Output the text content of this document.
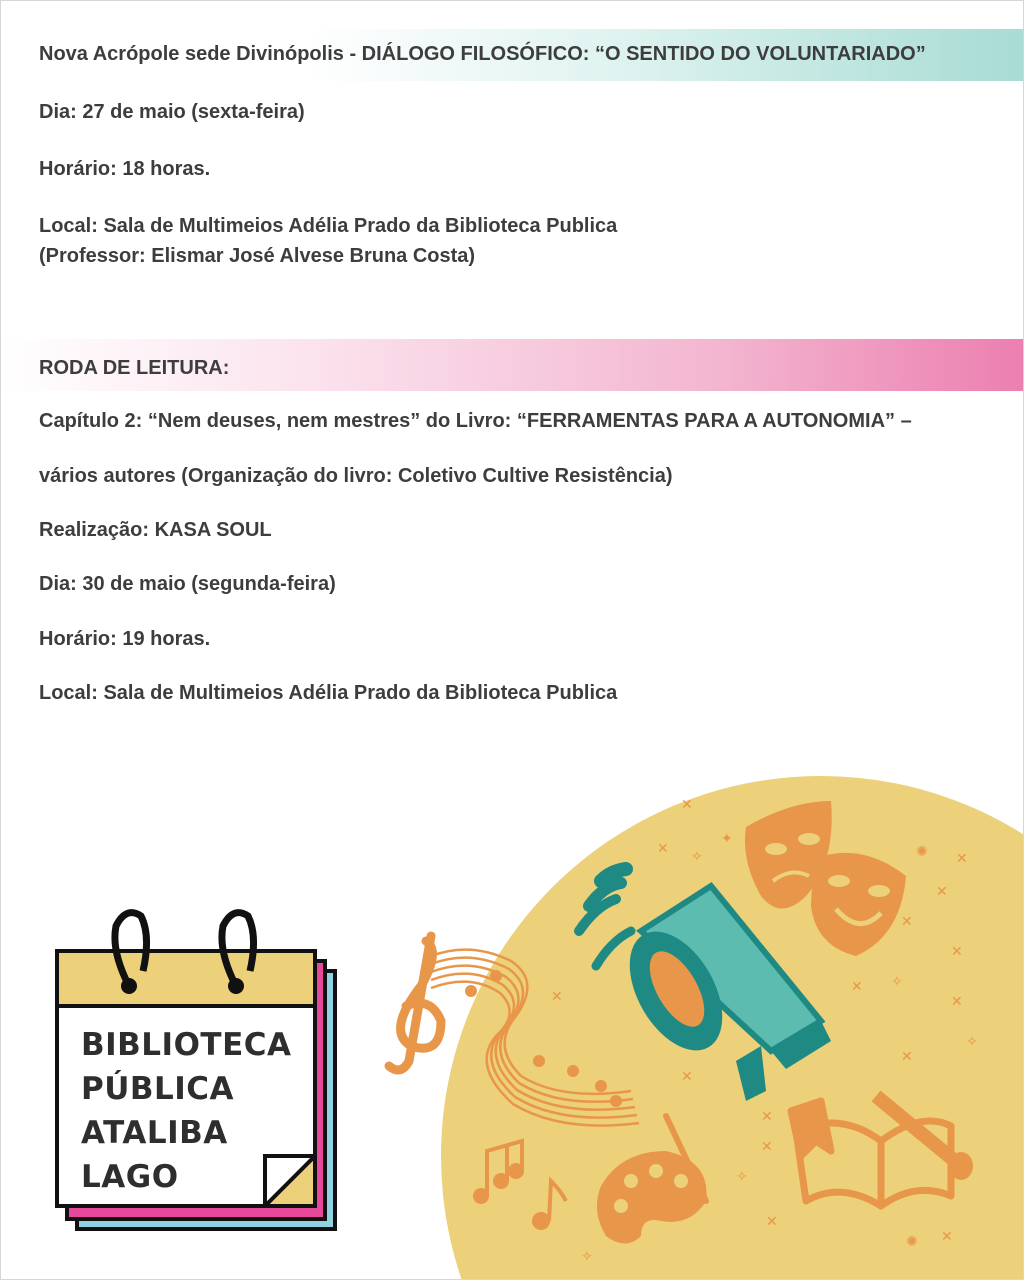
Nova Acrópole sede Divinópolis - DIÁLOGO FILOSÓFICO: “O SENTIDO DO VOLUNTARIADO”
Dia: 27 de maio (sexta-feira)
Horário: 18 horas.
Local: Sala de Multimeios Adélia Prado da Biblioteca Publica
(Professor: Elismar José Alvese Bruna Costa)
RODA DE LEITURA:
Capítulo 2: “Nem deuses, nem mestres” do Livro: “FERRAMENTAS PARA A AUTONOMIA” –
vários autores (Organização do livro: Coletivo Cultive Resistência)
Realização: KASA SOUL
Dia: 30 de maio (segunda-feira)
Horário: 19 horas.
Local: Sala de Multimeios Adélia Prado da Biblioteca Publica
✕
✕
✦
✧	✺ ✕
✕
✕
✕
✧
✧
✕
✕
✕
✧
✕
✕
✧
✺ ✕
✕
✕
✕
BIBLIOTECA
PÚBLICA
ATALIBA
LAGO
